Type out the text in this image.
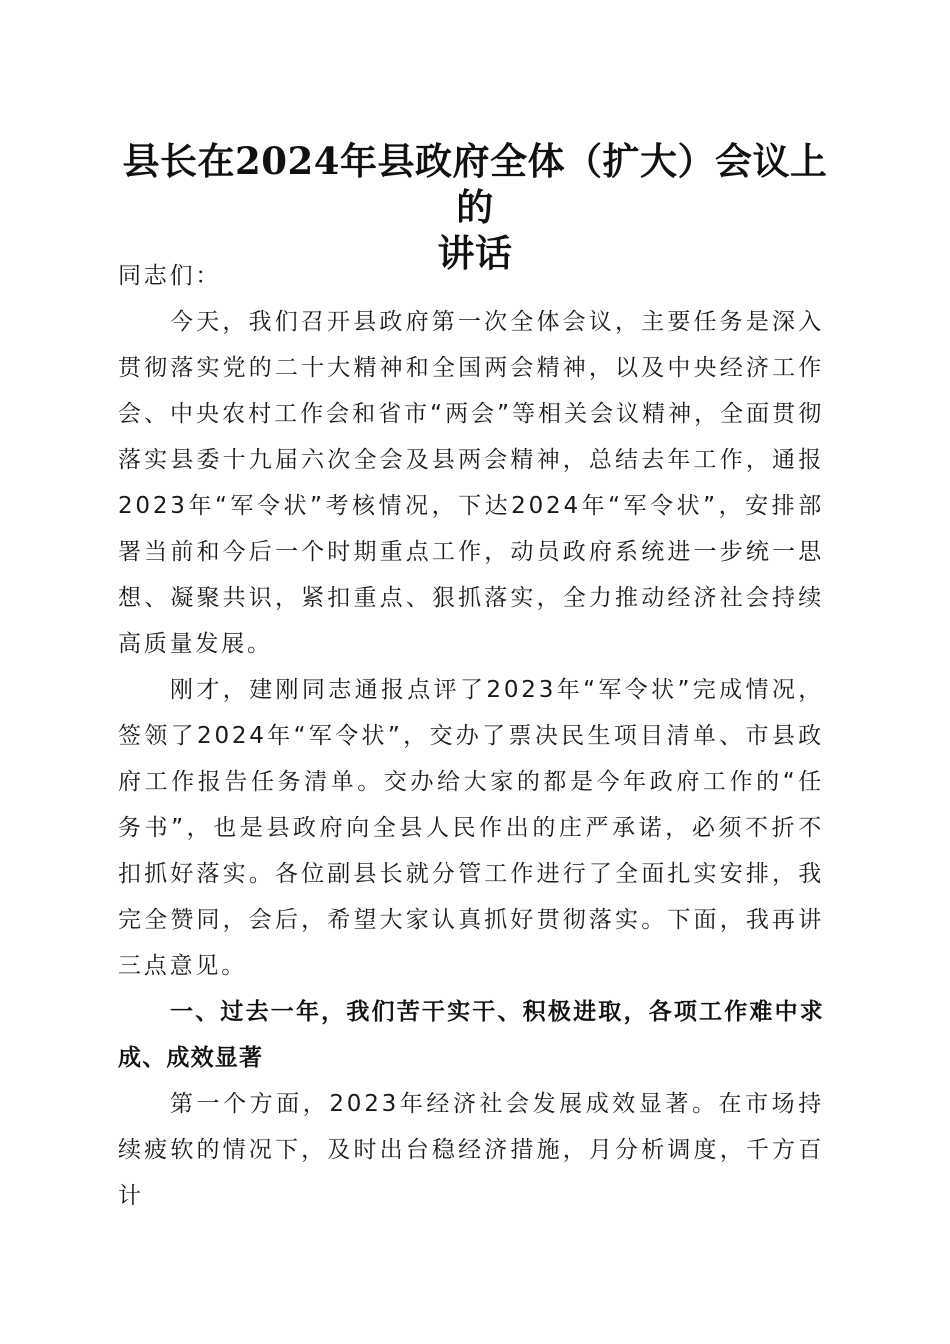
县长在2024年县政府全体（扩大）会议上的
讲话

同志们：

今天，我们召开县政府第一次全体会议，主要任务是深入贯彻落实党的二十大精神和全国两会精神，以及中央经济工作会、中央农村工作会和省市“两会”等相关会议精神，全面贯彻落实县委十九届六次全会及县两会精神，总结去年工作，通报2023年“军令状”考核情况，下达2024年“军令状”，安排部署当前和今后一个时期重点工作，动员政府系统进一步统一思想、凝聚共识，紧扣重点、狠抓落实，全力推动经济社会持续高质量发展。

刚才，建刚同志通报点评了2023年“军令状”完成情况，签领了2024年“军令状”，交办了票决民生项目清单、市县政府工作报告任务清单。交办给大家的都是今年政府工作的“任务书”，也是县政府向全县人民作出的庄严承诺，必须不折不扣抓好落实。各位副县长就分管工作进行了全面扎实安排，我完全赞同，会后，希望大家认真抓好贯彻落实。下面，我再讲三点意见。

一、过去一年，我们苦干实干、积极进取，各项工作难中求成、成效显著

第一个方面，2023年经济社会发展成效显著。在市场持续疲软的情况下，及时出台稳经济措施，月分析调度，千方百计
